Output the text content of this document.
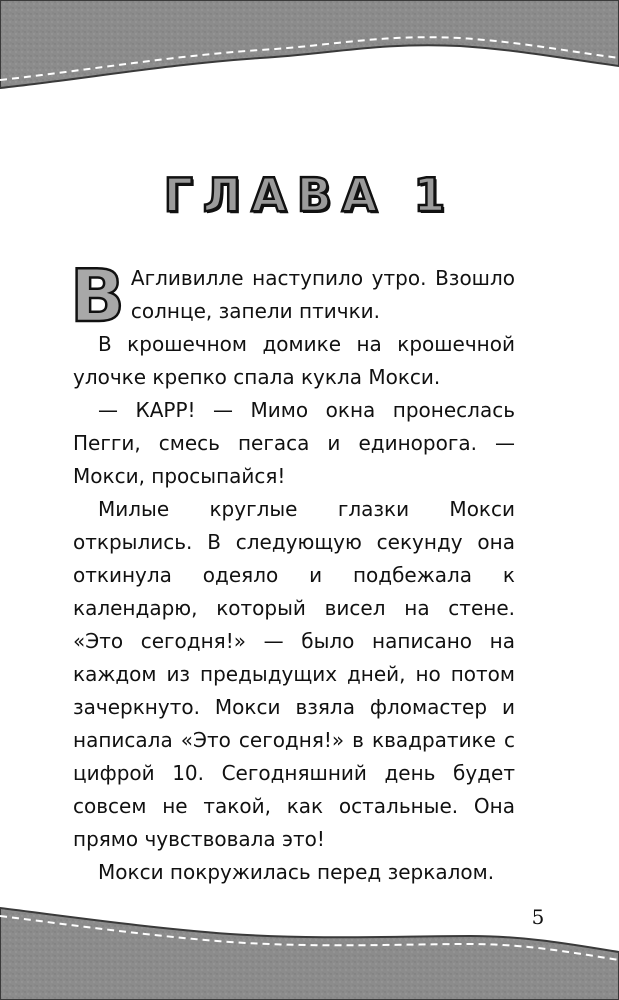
ГЛАВА 1

В Агливилле наступило утро. Взошло солнце, запели птички.

В крошечном домике на крошечной улочке крепко спала кукла Мокси.

— КАРР! — Мимо окна пронеслась Пегги, смесь пегаса и единорога. — Мокси, просыпайся!

Милые круглые глазки Мокси открылись. В следующую секунду она откинула одеяло и подбежала к календарю, который висел на стене. «Это сегодня!» — было написано на каждом из предыдущих дней, но потом зачеркнуто. Мокси взяла фломастер и написала «Это сегодня!» в квадратике с цифрой 10. Сегодняшний день будет совсем не такой, как остальные. Она прямо чувствовала это!

Мокси покружилась перед зеркалом.

5
